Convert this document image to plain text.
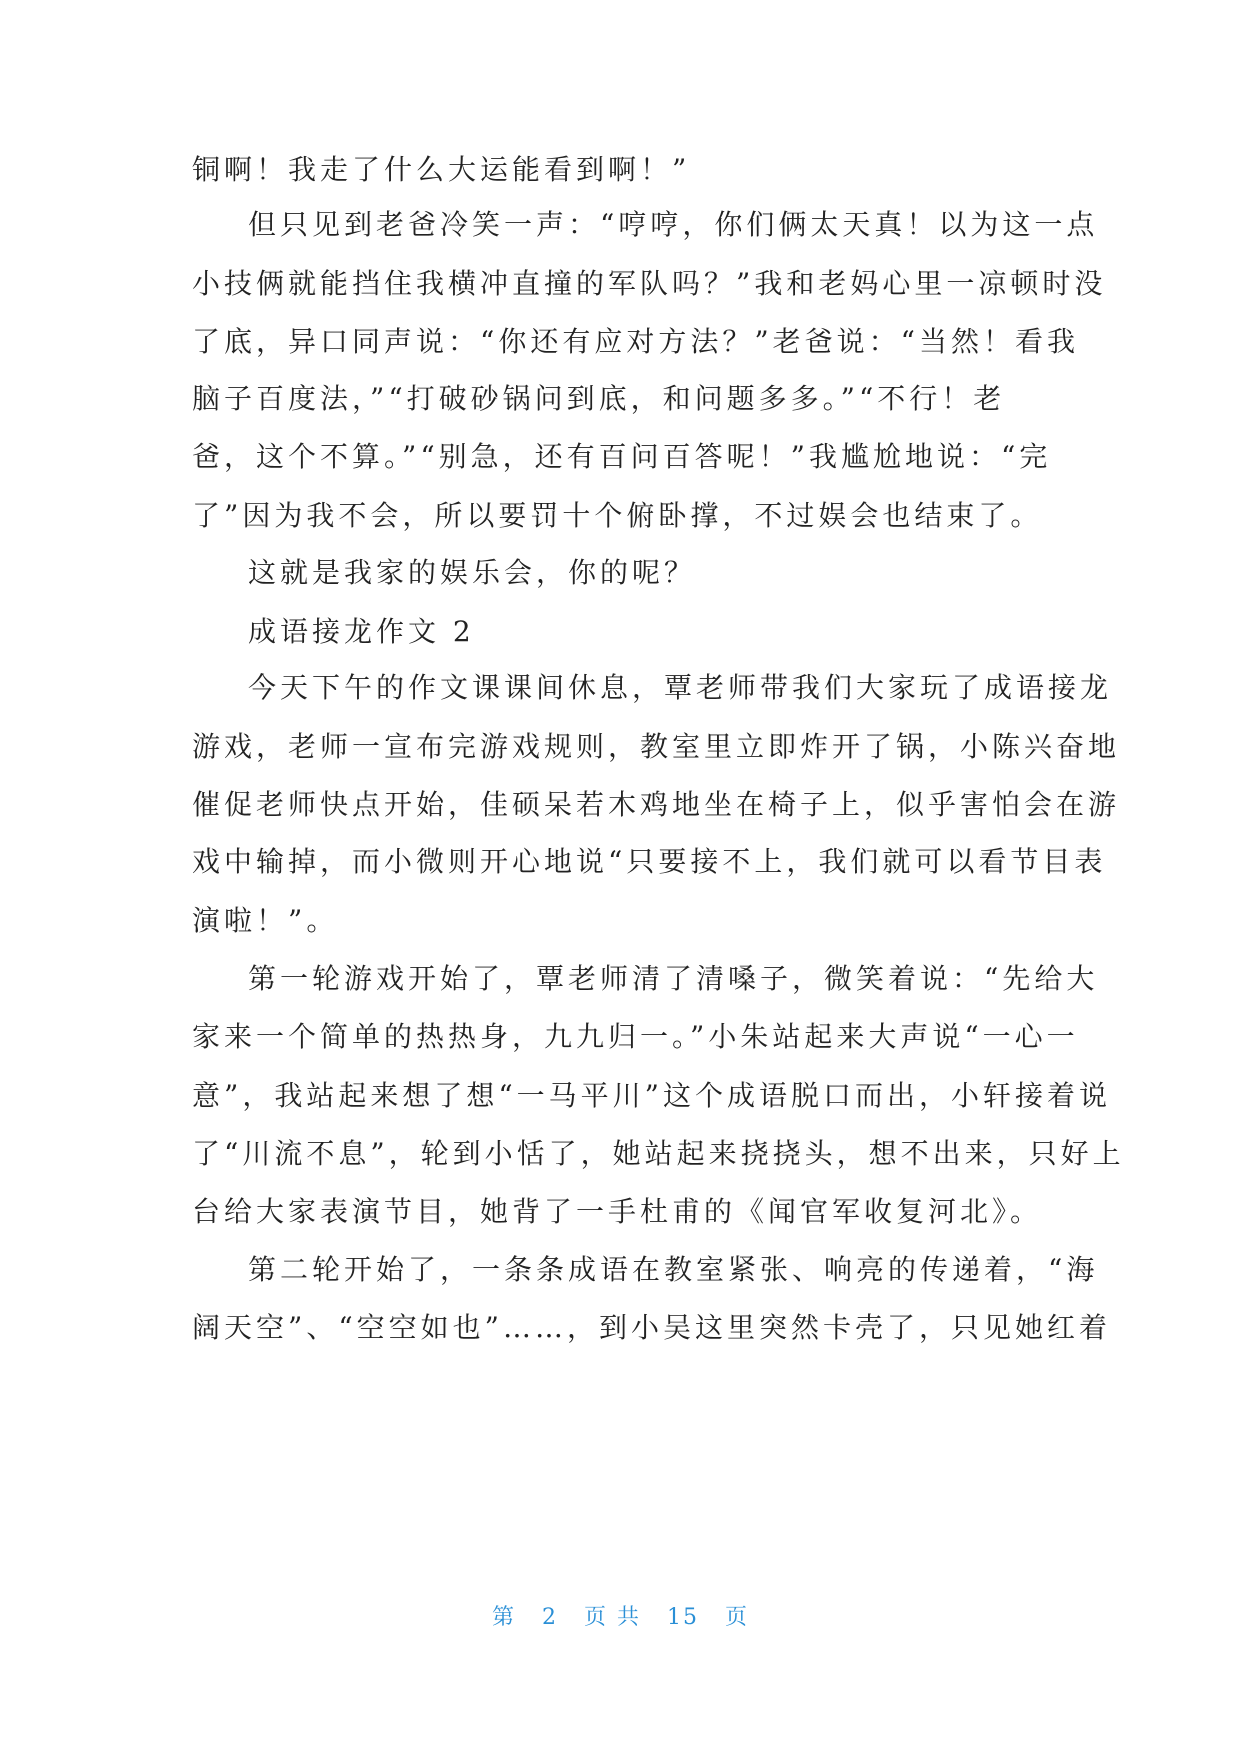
铜啊！我走了什么大运能看到啊！”
但只见到老爸冷笑一声：“哼哼，你们俩太天真！以为这一点
小技俩就能挡住我横冲直撞的军队吗？”我和老妈心里一凉顿时没
了底，异口同声说：“你还有应对方法？”老爸说：“当然！看我
脑子百度法，”“打破砂锅问到底，和问题多多。”“不行！老
爸，这个不算。”“别急，还有百问百答呢！”我尴尬地说：“完
了”因为我不会，所以要罚十个俯卧撑，不过娱会也结束了。
这就是我家的娱乐会，你的呢？
成语接龙作文 2
今天下午的作文课课间休息，覃老师带我们大家玩了成语接龙
游戏，老师一宣布完游戏规则，教室里立即炸开了锅，小陈兴奋地
催促老师快点开始，佳硕呆若木鸡地坐在椅子上，似乎害怕会在游
戏中输掉，而小微则开心地说“只要接不上，我们就可以看节目表
演啦！”。
第一轮游戏开始了，覃老师清了清嗓子，微笑着说：“先给大
家来一个简单的热热身，九九归一。”小朱站起来大声说“一心一
意”，我站起来想了想“一马平川”这个成语脱口而出，小轩接着说
了“川流不息”，轮到小恬了，她站起来挠挠头，想不出来，只好上
台给大家表演节目，她背了一手杜甫的《闻官军收复河北》。
第二轮开始了，一条条成语在教室紧张、响亮的传递着，“海
阔天空”、“空空如也”……，到小吴这里突然卡壳了，只见她红着
第 2 页 共 15 页
